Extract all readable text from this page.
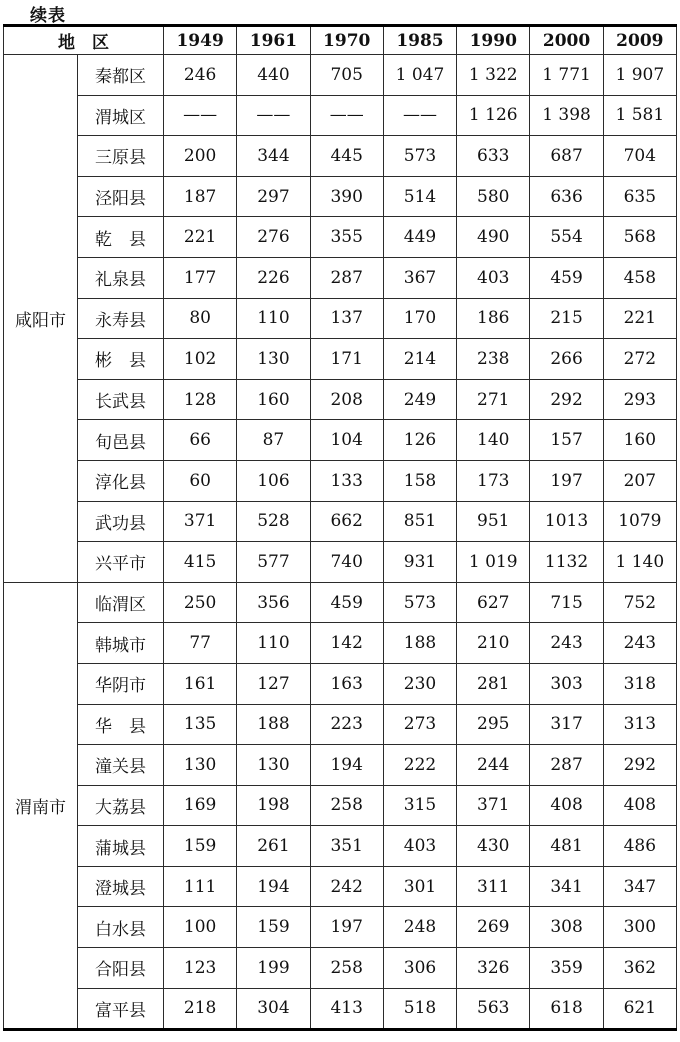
续表
地　区		1949	1961	1970	1985	1990	2000	2009
咸阳市	秦都区	246	440	705	1 047	1 322	1 771	1 907
	渭城区	——	——	——	——	1 126	1 398	1 581
	三原县	200	344	445	573	633	687	704
	泾阳县	187	297	390	514	580	636	635
	乾　县	221	276	355	449	490	554	568
	礼泉县	177	226	287	367	403	459	458
	永寿县	80	110	137	170	186	215	221
	彬　县	102	130	171	214	238	266	272
	长武县	128	160	208	249	271	292	293
	旬邑县	66	87	104	126	140	157	160
	淳化县	60	106	133	158	173	197	207
	武功县	371	528	662	851	951	1013	1079
	兴平市	415	577	740	931	1 019	1132	1 140
渭南市	临渭区	250	356	459	573	627	715	752
	韩城市	77	110	142	188	210	243	243
	华阴市	161	127	163	230	281	303	318
	华　县	135	188	223	273	295	317	313
	潼关县	130	130	194	222	244	287	292
	大荔县	169	198	258	315	371	408	408
	蒲城县	159	261	351	403	430	481	486
	澄城县	111	194	242	301	311	341	347
	白水县	100	159	197	248	269	308	300
	合阳县	123	199	258	306	326	359	362
	富平县	218	304	413	518	563	618	621
